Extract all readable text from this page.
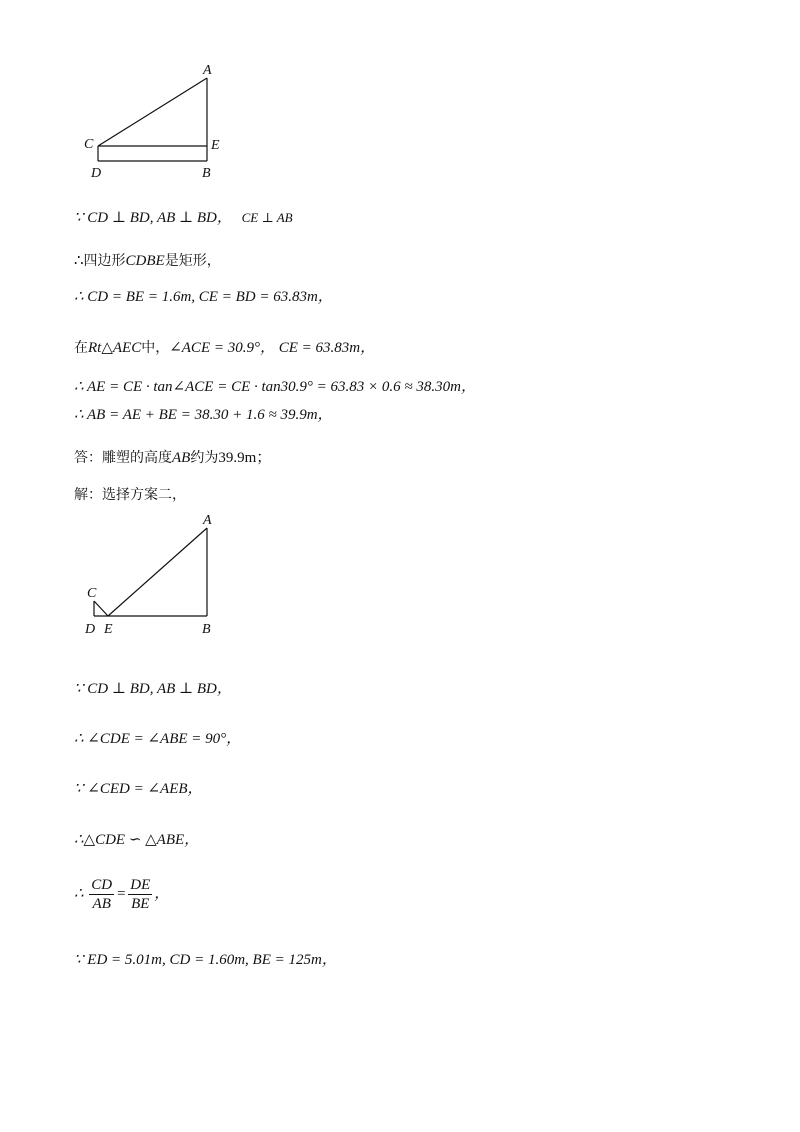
A
C	E
D	B
∵ CD ⊥ BD, AB ⊥ BD， CE ⊥ AB
∴四边形CDBE是矩形，
∴ CD = BE = 1.6m, CE = BD = 63.83m，
在Rt△AEC中，∠ACE = 30.9°， CE = 63.83m，
∴ AE = CE · tan∠ACE = CE · tan30.9° = 63.83 × 0.6 ≈ 38.30m，
∴ AB = AE + BE = 38.30 + 1.6 ≈ 39.9m，
答：雕塑的高度AB约为39.9m；
解：选择方案二，
A
C
D E	B
∵ CD ⊥ BD, AB ⊥ BD，
∴ ∠CDE = ∠ABE = 90°，
∵ ∠CED = ∠AEB，
∴△CDE ∽ △ABE，
∴ $\frac{CD}{AB} = \frac{DE}{BE}$ ，
∵ ED = 5.01m, CD = 1.60m, BE = 125m，
